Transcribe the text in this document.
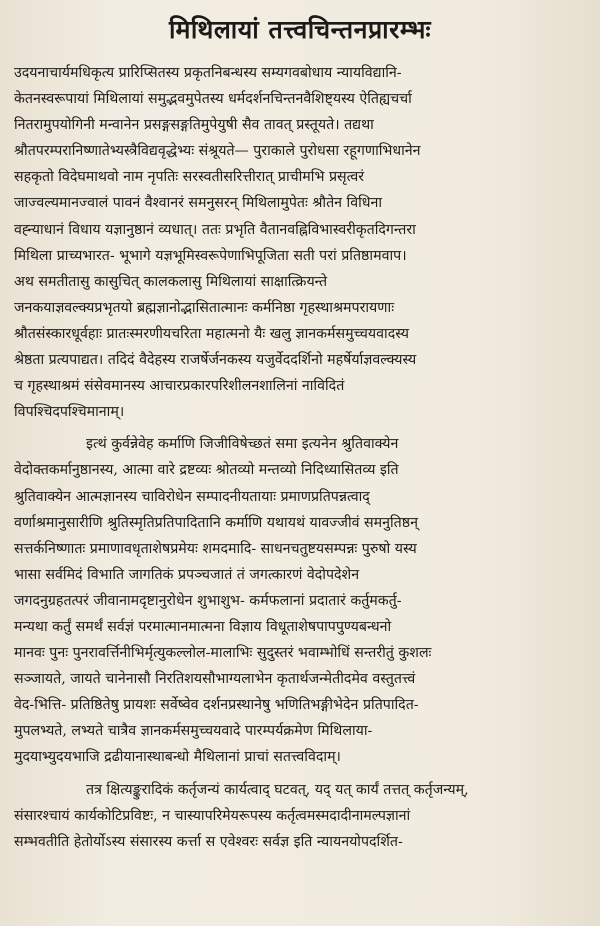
मिथिलायां तत्त्वचिन्तनप्रारम्भः
उदयनाचार्यमधिकृत्य प्रारिप्सितस्य प्रकृतनिबन्धस्य सम्यगवबोधाय न्यायविद्यानि-
केतनस्वरूपायां मिथिलायां समुद्भवमुपेतस्य धर्मदर्शनचिन्तनवैशिष्ट्यस्य ऐतिह्यचर्चा
नितरामुपयोगिनी मन्वानेन प्रसङ्गसङ्गतिमुपेयुषी सैव तावत् प्रस्तूयते। तद्यथा
श्रौतपरम्परानिष्णातेभ्यस्त्रैविद्यवृद्धेभ्यः संश्रूयते— पुराकाले पुरोधसा रहूगणाभिधानेन
सहकृतो विदेघमाथवो नाम नृपतिः सरस्वतीसरित्तीरात् प्राचीमभि प्रसृत्वरं
जाज्वल्यमानज्वालं पावनं वैश्वानरं समनुसरन् मिथिलामुपेतः श्रौतेन विधिना
वह्न्याधानं विधाय यज्ञानुष्ठानं व्यधात्। ततः प्रभृति वैतानवह्निविभास्वरीकृतदिगन्तरा
मिथिला प्राच्यभारत- भूभागे यज्ञभूमिस्वरूपेणाभिपूजिता सती परां प्रतिष्ठामवाप।
अथ समतीतासु कासुचित् कालकलासु मिथिलायां साक्षात्क्रियन्ते
जनकयाज्ञवल्क्यप्रभृतयो ब्रह्मज्ञानोद्भासितात्मानः कर्मनिष्ठा गृहस्थाश्रमपरायणाः
श्रौतसंस्कारधूर्वहाः प्रातःस्मरणीयचरिता महात्मनो यैः खलु ज्ञानकर्मसमुच्चयवादस्य
श्रेष्ठता प्रत्यपाद्यत। तदिदं वैदेहस्य राजर्षेर्जनकस्य यजुर्वेददर्शिनो महर्षेर्याज्ञवल्क्यस्य
च गृहस्थाश्रमं संसेवमानस्य आचारप्रकारपरिशीलनशालिनां नाविदितं
विपश्चिदपश्चिमानाम्।
इत्थं कुर्वन्नेवेह कर्माणि जिजीविषेच्छतं समा इत्यनेन श्रुतिवाक्येन
वेदोक्तकर्मानुष्ठानस्य, आत्मा वारे द्रष्टव्यः श्रोतव्यो मन्तव्यो निदिध्यासितव्य इति
श्रुतिवाक्येन आत्मज्ञानस्य चाविरोधेन सम्पादनीयतायाः प्रमाणप्रतिपन्नत्वाद्
वर्णाश्रमानुसारीणि श्रुतिस्मृतिप्रतिपादितानि कर्माणि यथायथं यावज्जीवं समनुतिष्ठन्
सत्तर्कनिष्णातः प्रमाणावधृताशेषप्रमेयः शमदमादि- साधनचतुष्टयसम्पन्नः पुरुषो यस्य
भासा सर्वमिदं विभाति जागतिकं प्रपञ्चजातं तं जगत्कारणं वेदोपदेशेन
जगदनुग्रहतत्परं जीवानामदृष्टानुरोधेन शुभाशुभ- कर्मफलानां प्रदातारं कर्तुमकर्तु-
मन्यथा कर्तुं समर्थं सर्वज्ञं परमात्मानमात्मना विज्ञाय विधूताशेषपापपुण्यबन्धनो
मानवः पुनः पुनरावर्त्तिनीभिर्मृत्युकल्लोल-मालाभिः सुदुस्तरं भवाम्भोधिं सन्तरीतुं कुशलः
सञ्जायते, जायते चानेनासौ निरतिशयसौभाग्यलाभेन कृतार्थजन्मेतीदमेव वस्तुतत्त्वं
वेद-भित्ति- प्रतिष्ठितेषु प्रायशः सर्वेष्वेव दर्शनप्रस्थानेषु भणितिभङ्गीभेदेन प्रतिपादित-
मुपलभ्यते, लभ्यते चात्रैव ज्ञानकर्मसमुच्चयवादे पारम्पर्यक्रमेण मिथिलाया-
मुदयाभ्युदयभाजि द्रढीयानास्थाबन्धो मैथिलानां प्राचां सतत्त्वविदाम्।
तत्र क्षित्यङ्कुरादिकं कर्तृजन्यं कार्यत्वाद् घटवत्, यद् यत् कार्यं तत्तत् कर्तृजन्यम्,
संसारश्चायं कार्यकोटिप्रविष्टः, न चास्यापरिमेयरूपस्य कर्तृत्वमस्मदादीनामल्पज्ञानां
सम्भवतीति हेतोर्योऽस्य संसारस्य कर्त्ता स एवेश्वरः सर्वज्ञ इति न्यायनयोपदर्शित-
